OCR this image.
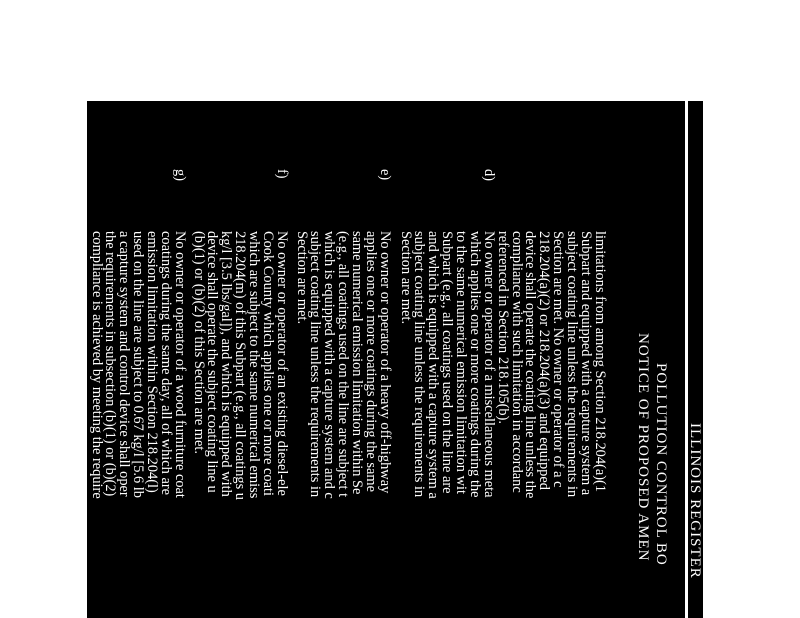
ILLINOIS REGISTER
POLLUTION CONTROL BO
NOTICE OF PROPOSED AMEN
limitations from among Section 218.204(a)(1
Subpart and equipped with a capture system a
subject coating line unless the requirements in
Section are met. No owner or operator of a c
218.204(a)(2) or 218.204(a)(3) and equipped
device shall operate the coating line unless the
compliance with such limitation in accordanc
referenced in Section 218.105(b).
d)
No owner or operator of a miscellaneous meta
which applies one or more coatings during the
to the same numerical emission limitation wit
Subpart (e.g., all coatings used on the line are
and which is equipped with a capture system a
subject coating line unless the requirements in
Section are met.
e)
No owner or operator of a heavy off-highway
applies one or more coatings during the same
same numerical emission limitation within Se
(e.g., all coatings used on the line are subject t
which is equipped with a capture system and c
subject coating line unless the requirements in
Section are met.
f)
No owner or operator of an existing diesel-ele
Cook County which applies one or more coati
which are subject to the same numerical emiss
218.204(m) of this Subpart (e.g., all coatings u
kg/l [3.5 lbs/gal]), and which is equipped with
device shall operate the subject coating line u
(b)(1) or (b)(2) of this Section are met.
g)
No owner or operator of a wood furniture coat
coatings during the same day, all of which are
emission limitation within Section 218.204(l)
used on the line are subject to 0.67 kg/l [5.6 lb
a capture system and control device shall oper
the requirements in subsection (b)(1) or (b)(2)
compliance is achieved by meeting the require
